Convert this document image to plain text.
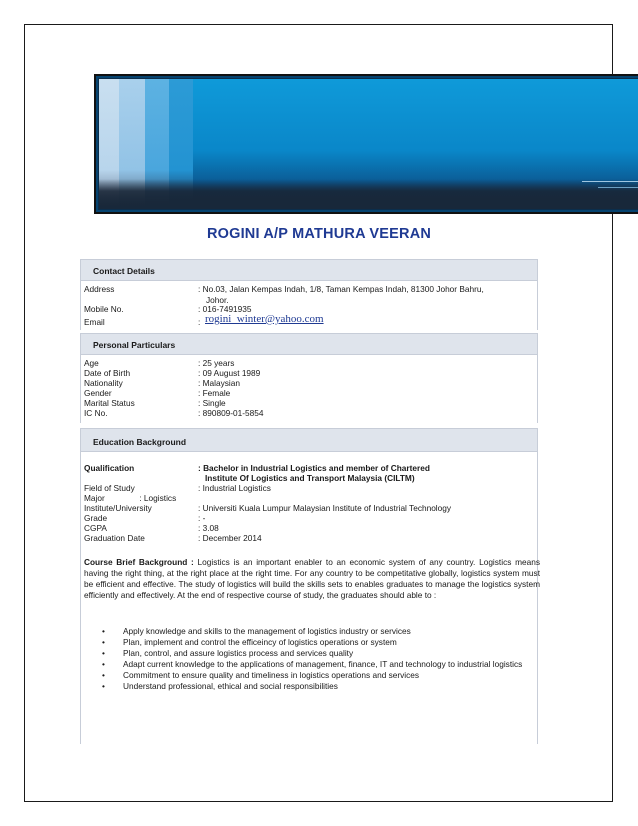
ROGINI A/P MATHURA VEERAN
Contact Details
Address	: No.03, Jalan Kempas Indah, 1/8, Taman Kempas Indah, 81300 Johor Bahru,
Johor.
Mobile No.	: 016-7491935
Email	: rogini_winter@yahoo.com
Personal Particulars
Age	: 25 years
Date of Birth	: 09 August 1989
Nationality	: Malaysian
Gender	: Female
Marital Status	: Single
IC No.	: 890809-01-5854
Education Background
Qualification	: Bachelor in Industrial Logistics and member of Chartered
Institute Of Logistics and Transport Malaysia (CILTM)
Field of Study	: Industrial Logistics
Major               : Logistics
Institute/University	: Universiti Kuala Lumpur Malaysian Institute of Industrial Technology
Grade	: -
CGPA	: 3.08
Graduation Date	: December 2014

Course Brief Background : Logistics is an important enabler to an economic system of any country. Logistics means having the right thing, at the right place at the right time. For any country to be competitative globally, logistics system must be efficient and effective. The study of logistics will build the skills sets to enables graduates to manage the logistics system efficiently and effectively. At the end of respective course of study, the graduates should able to :

• Apply knowledge and skills to the management of logistics industry or services
• Plan, implement and control the efficeincy of logistics operations or system
• Plan, control, and assure logistics process and services quality
• Adapt current knowledge to the applications of management, finance, IT and technology to industrial logistics
• Commitment to ensure quality and timeliness in logistics operations and services
• Understand professional, ethical and social responsibilities
